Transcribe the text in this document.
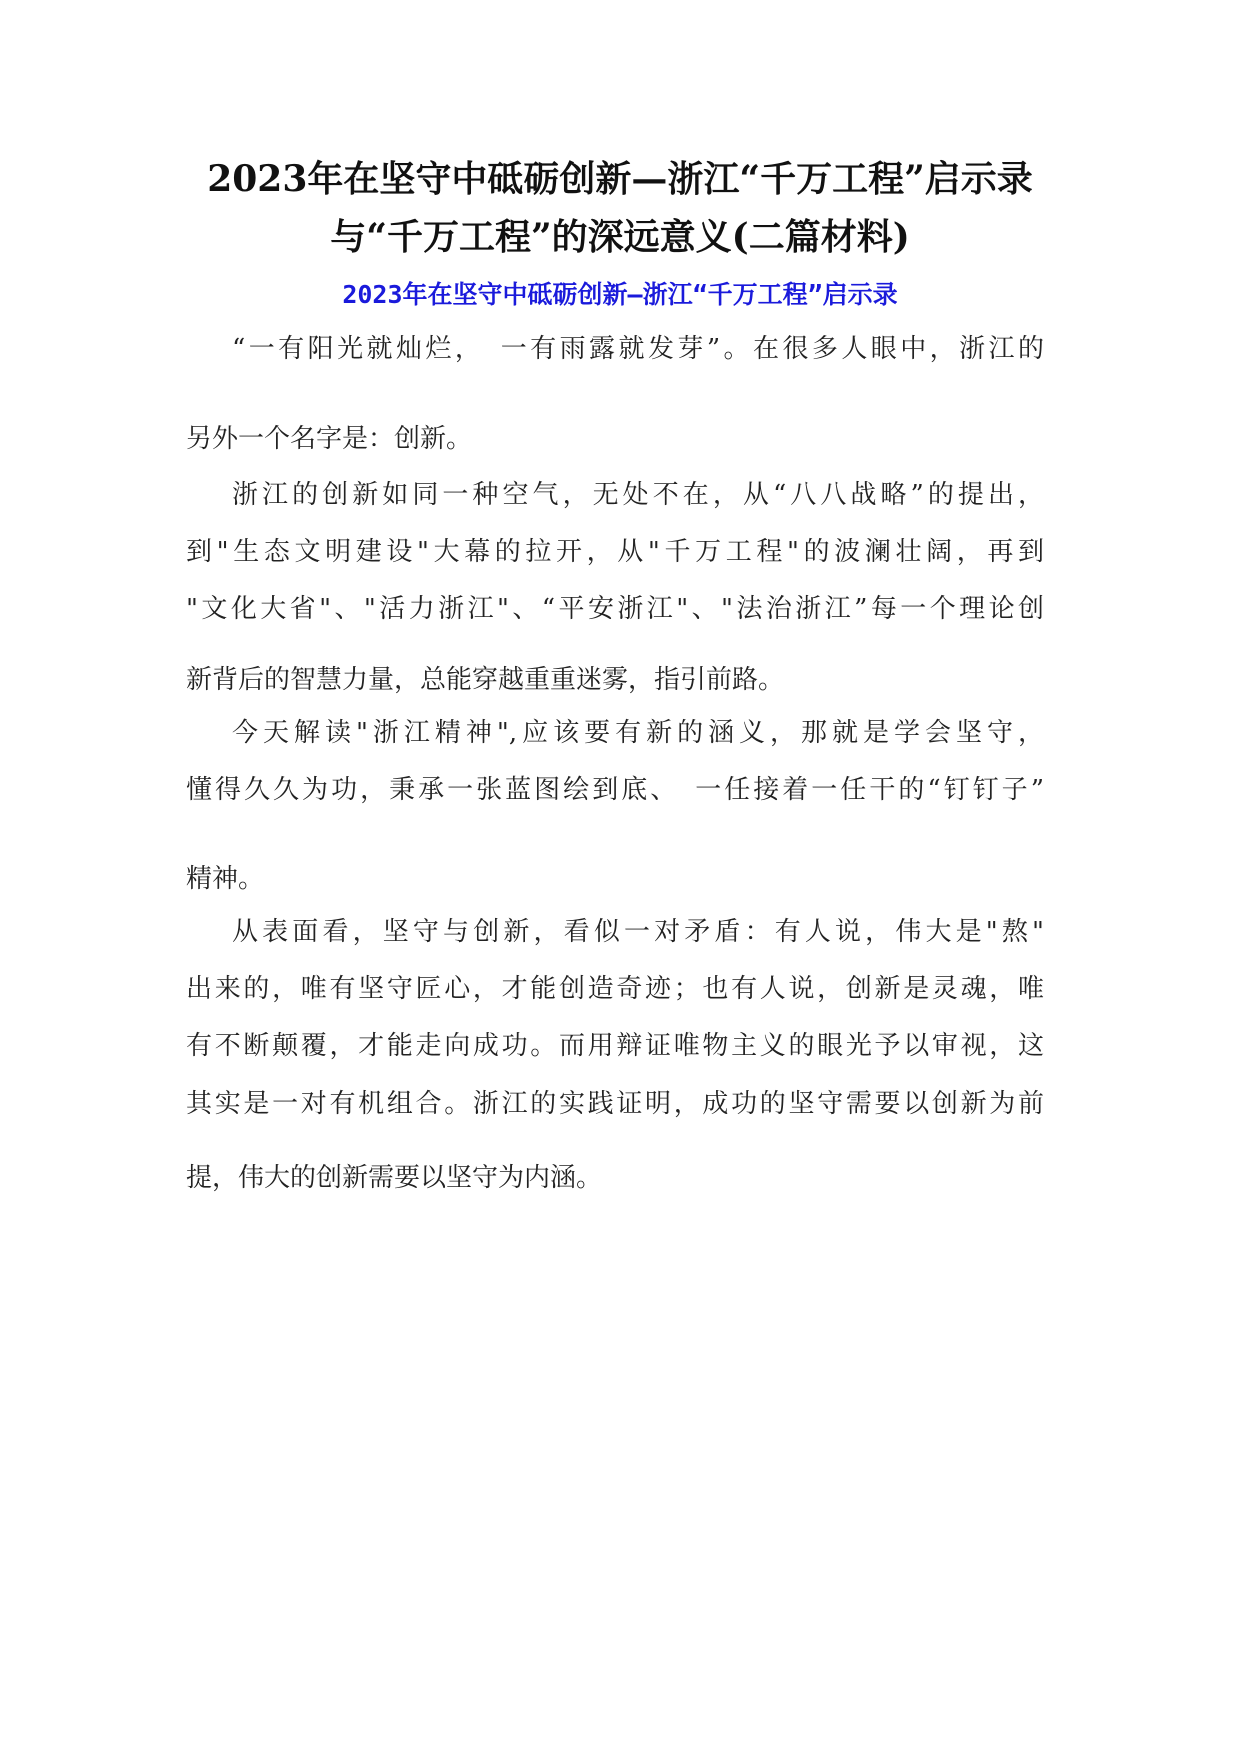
2023年在坚守中砥砺创新—浙江“千万工程”启示录
与“千万工程”的深远意义(二篇材料)
2023年在坚守中砥砺创新—浙江“千万工程”启示录
“一有阳光就灿烂，　一有雨露就发芽”。在很多人眼中，浙江的
另外一个名字是：创新。
浙江的创新如同一种空气，无处不在，从“八八战略”的提出，
到"生态文明建设"大幕的拉开，从"千万工程"的波澜壮阔，再到
"文化大省"、"活力浙江"、“平安浙江"、"法治浙江”每一个理论创
新背后的智慧力量，总能穿越重重迷雾，指引前路。
今天解读"浙江精神",应该要有新的涵义，那就是学会坚守，
懂得久久为功，秉承一张蓝图绘到底、　一任接着一任干的“钉钉子”
精神。
从表面看，坚守与创新，看似一对矛盾：有人说，伟大是"熬"
出来的，唯有坚守匠心，才能创造奇迹；也有人说，创新是灵魂，唯
有不断颠覆，才能走向成功。而用辩证唯物主义的眼光予以审视，这
其实是一对有机组合。浙江的实践证明，成功的坚守需要以创新为前
提，伟大的创新需要以坚守为内涵。
